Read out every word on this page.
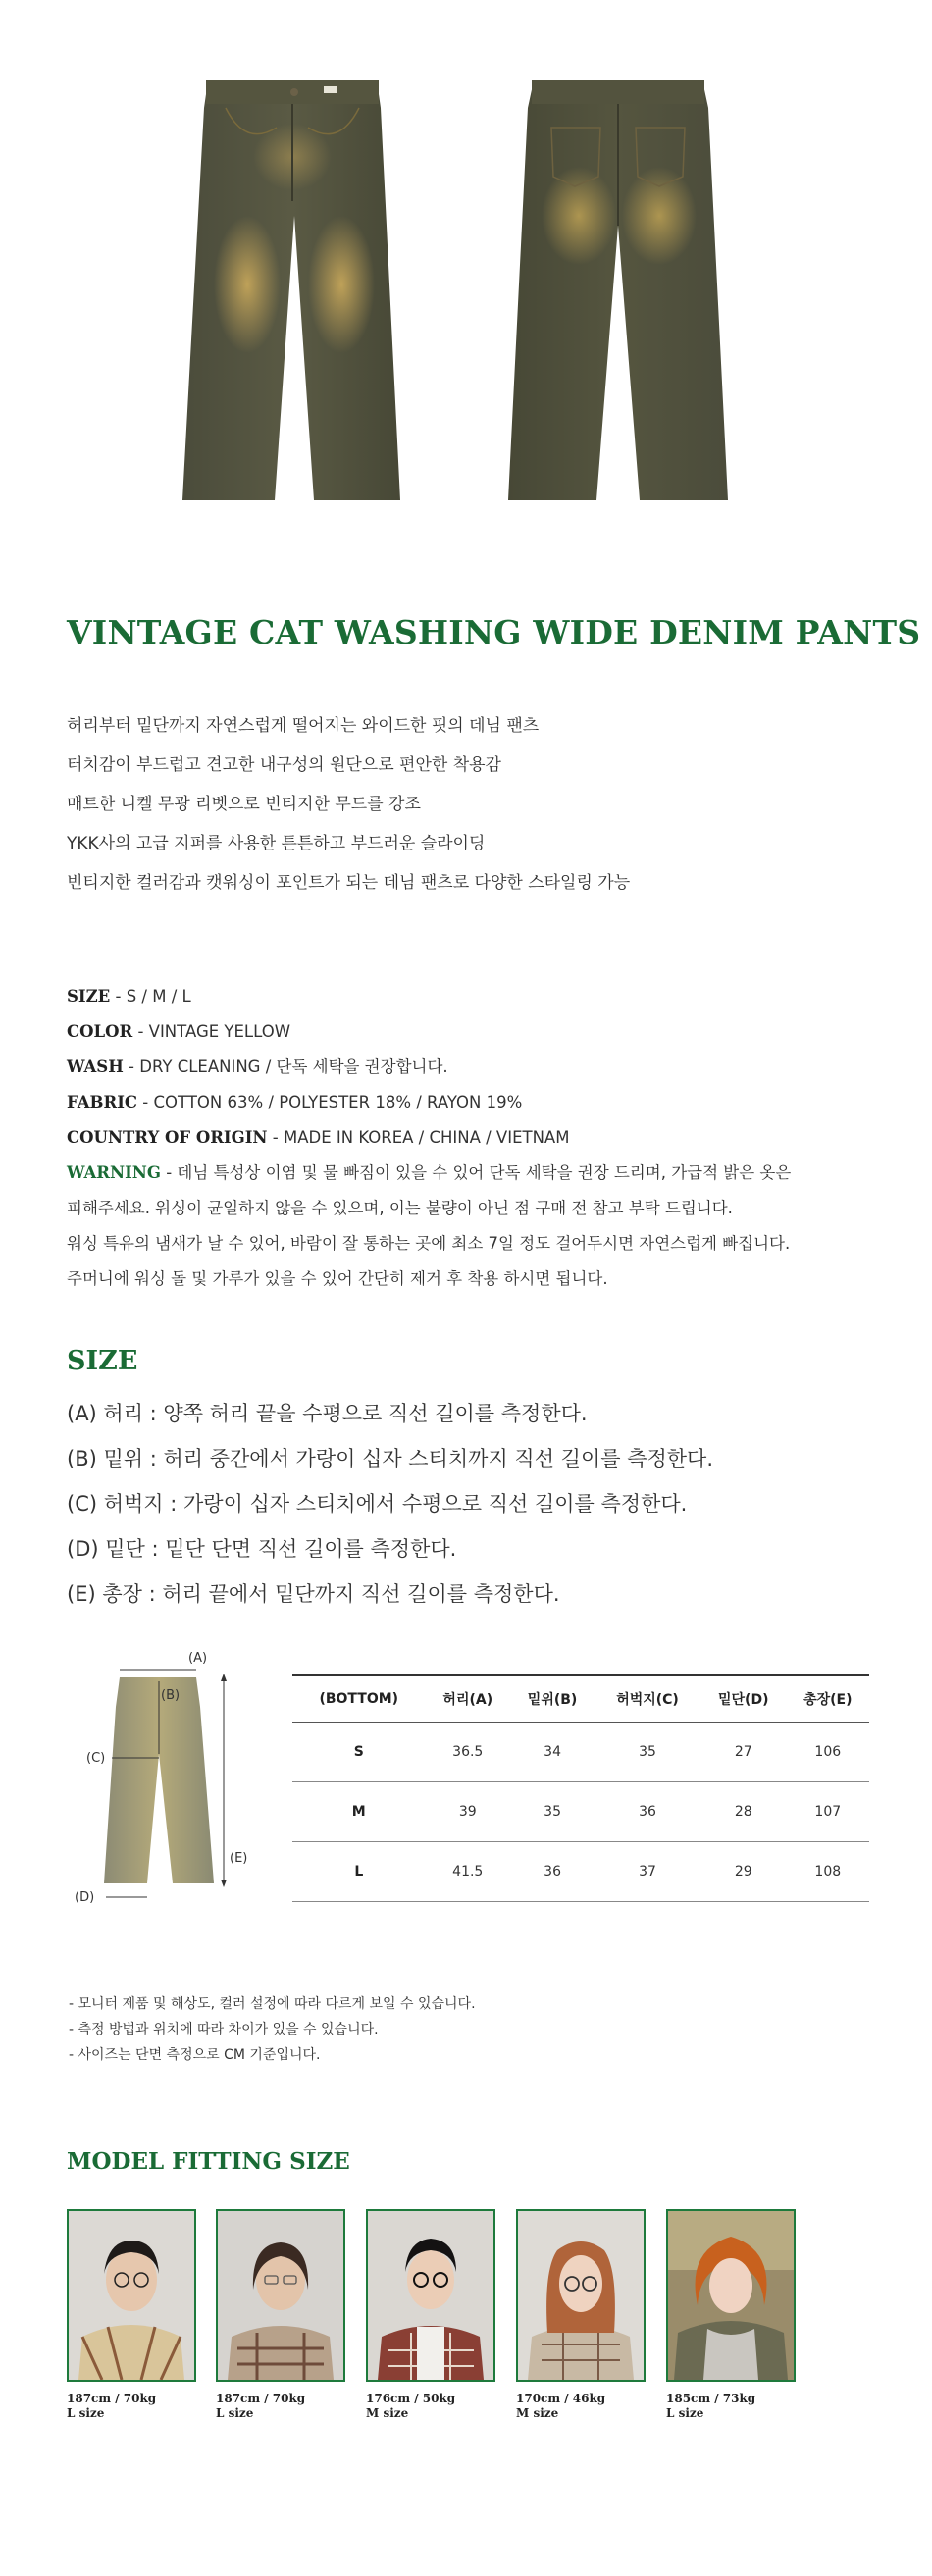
VINTAGE CAT WASHING WIDE DENIM PANTS
허리부터 밑단까지 자연스럽게 떨어지는 와이드한 핏의 데님 팬츠
터치감이 부드럽고 견고한 내구성의 원단으로 편안한 착용감
매트한 니켈 무광 리벳으로 빈티지한 무드를 강조
YKK사의 고급 지퍼를 사용한 튼튼하고 부드러운 슬라이딩
빈티지한 컬러감과 캣워싱이 포인트가 되는 데님 팬츠로 다양한 스타일링 가능
SIZE - S / M / L
COLOR - VINTAGE YELLOW
WASH - DRY CLEANING / 단독 세탁을 권장합니다.
FABRIC - COTTON 63% / POLYESTER 18% / RAYON 19%
COUNTRY OF ORIGIN - MADE IN KOREA / CHINA / VIETNAM
WARNING - 데님 특성상 이염 및 물 빠짐이 있을 수 있어 단독 세탁을 권장 드리며, 가급적 밝은 옷은
피해주세요. 워싱이 균일하지 않을 수 있으며, 이는 불량이 아닌 점 구매 전 참고 부탁 드립니다.
워싱 특유의 냄새가 날 수 있어, 바람이 잘 통하는 곳에 최소 7일 정도 걸어두시면 자연스럽게 빠집니다.
주머니에 워싱 돌 및 가루가 있을 수 있어 간단히 제거 후 착용 하시면 됩니다.
SIZE
(A) 허리 : 양쪽 허리 끝을 수평으로 직선 길이를 측정한다.
(B) 밑위 : 허리 중간에서 가랑이 십자 스티치까지 직선 길이를 측정한다.
(C) 허벅지 : 가랑이 십자 스티치에서 수평으로 직선 길이를 측정한다.
(D) 밑단 : 밑단 단면 직선 길이를 측정한다.
(E) 총장 : 허리 끝에서 밑단까지 직선 길이를 측정한다.
(A)
(B)
(C)
(D)
(E)
(BOTTOM)	허리(A)	밑위(B)	허벅지(C)	밑단(D)	총장(E)
S	36.5	34	35	27	106
M	39	35	36	28	107
L	41.5	36	37	29	108
- 모니터 제품 및 해상도, 컬러 설정에 따라 다르게 보일 수 있습니다.
- 측정 방법과 위치에 따라 차이가 있을 수 있습니다.
- 사이즈는 단면 측정으로 CM 기준입니다.
MODEL FITTING SIZE
187cm / 70kg
L size
187cm / 70kg
L size
176cm / 50kg
M size
170cm / 46kg
M size
185cm / 73kg
L size
